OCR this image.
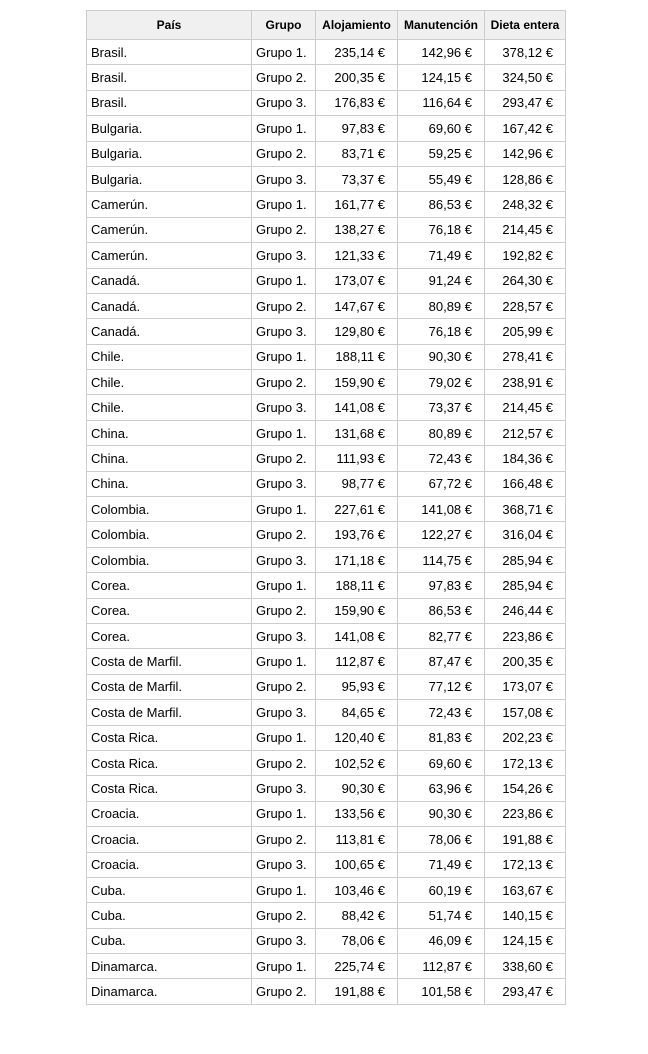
País	Grupo	Alojamiento	Manutención	Dieta entera
Brasil.	Grupo 1.	235,14 €	142,96 €	378,12 €
Brasil.	Grupo 2.	200,35 €	124,15 €	324,50 €
Brasil.	Grupo 3.	176,83 €	116,64 €	293,47 €
Bulgaria.	Grupo 1.	97,83 €	69,60 €	167,42 €
Bulgaria.	Grupo 2.	83,71 €	59,25 €	142,96 €
Bulgaria.	Grupo 3.	73,37 €	55,49 €	128,86 €
Camerún.	Grupo 1.	161,77 €	86,53 €	248,32 €
Camerún.	Grupo 2.	138,27 €	76,18 €	214,45 €
Camerún.	Grupo 3.	121,33 €	71,49 €	192,82 €
Canadá.	Grupo 1.	173,07 €	91,24 €	264,30 €
Canadá.	Grupo 2.	147,67 €	80,89 €	228,57 €
Canadá.	Grupo 3.	129,80 €	76,18 €	205,99 €
Chile.	Grupo 1.	188,11 €	90,30 €	278,41 €
Chile.	Grupo 2.	159,90 €	79,02 €	238,91 €
Chile.	Grupo 3.	141,08 €	73,37 €	214,45 €
China.	Grupo 1.	131,68 €	80,89 €	212,57 €
China.	Grupo 2.	111,93 €	72,43 €	184,36 €
China.	Grupo 3.	98,77 €	67,72 €	166,48 €
Colombia.	Grupo 1.	227,61 €	141,08 €	368,71 €
Colombia.	Grupo 2.	193,76 €	122,27 €	316,04 €
Colombia.	Grupo 3.	171,18 €	114,75 €	285,94 €
Corea.	Grupo 1.	188,11 €	97,83 €	285,94 €
Corea.	Grupo 2.	159,90 €	86,53 €	246,44 €
Corea.	Grupo 3.	141,08 €	82,77 €	223,86 €
Costa de Marfil.	Grupo 1.	112,87 €	87,47 €	200,35 €
Costa de Marfil.	Grupo 2.	95,93 €	77,12 €	173,07 €
Costa de Marfil.	Grupo 3.	84,65 €	72,43 €	157,08 €
Costa Rica.	Grupo 1.	120,40 €	81,83 €	202,23 €
Costa Rica.	Grupo 2.	102,52 €	69,60 €	172,13 €
Costa Rica.	Grupo 3.	90,30 €	63,96 €	154,26 €
Croacia.	Grupo 1.	133,56 €	90,30 €	223,86 €
Croacia.	Grupo 2.	113,81 €	78,06 €	191,88 €
Croacia.	Grupo 3.	100,65 €	71,49 €	172,13 €
Cuba.	Grupo 1.	103,46 €	60,19 €	163,67 €
Cuba.	Grupo 2.	88,42 €	51,74 €	140,15 €
Cuba.	Grupo 3.	78,06 €	46,09 €	124,15 €
Dinamarca.	Grupo 1.	225,74 €	112,87 €	338,60 €
Dinamarca.	Grupo 2.	191,88 €	101,58 €	293,47 €
